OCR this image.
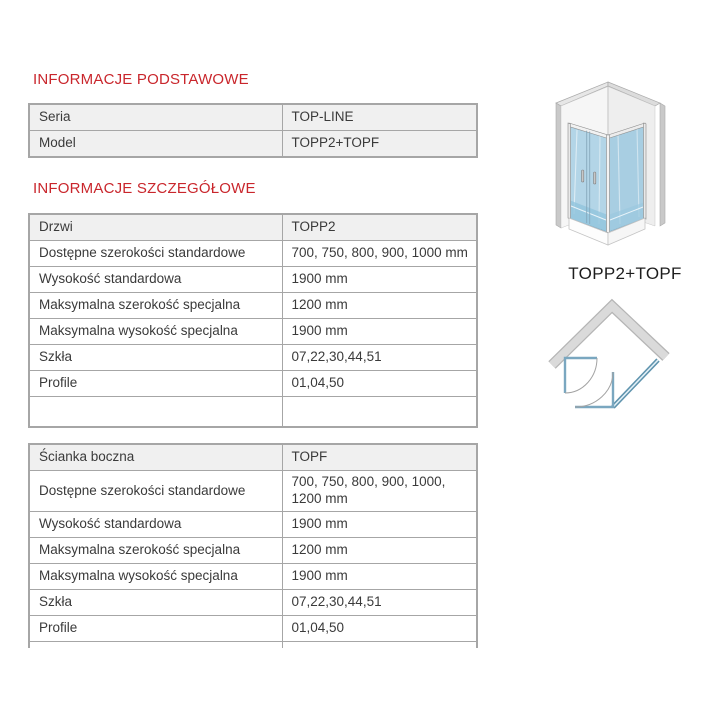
INFORMACJE PODSTAWOWE
Seria	TOP-LINE
Model	TOPP2+TOPF
INFORMACJE SZCZEGÓŁOWE
Drzwi	TOPP2
Dostępne szerokości standardowe	700, 750, 800, 900, 1000 mm
Wysokość standardowa	1900 mm
Maksymalna szerokość specjalna	1200 mm
Maksymalna wysokość specjalna	1900 mm
Szkła	07,22,30,44,51
Profile	01,04,50

Ścianka boczna	TOPF
Dostępne szerokości standardowe	700, 750, 800, 900, 1000, 1200 mm
Wysokość standardowa	1900 mm
Maksymalna szerokość specjalna	1200 mm
Maksymalna wysokość specjalna	1900 mm
Szkła	07,22,30,44,51
Profile	01,04,50

TOPP2+TOPF
